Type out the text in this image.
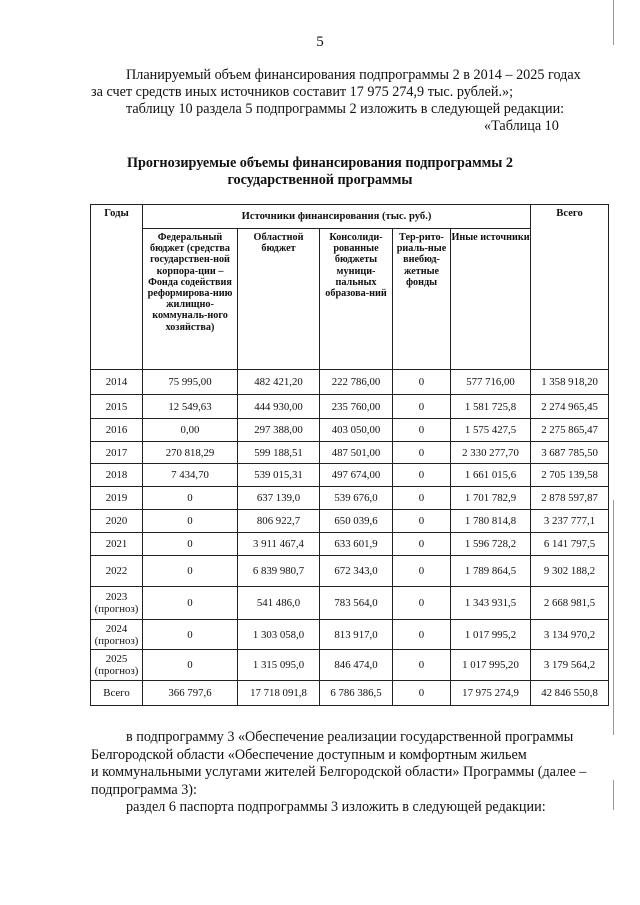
5
Планируемый объем финансирования подпрограммы 2 в 2014 – 2025 годах
за счет средств иных источников составит 17 975 274,9 тыс. рублей.»;
таблицу 10 раздела 5 подпрограммы 2 изложить в следующей редакции:
«Таблица 10
Прогнозируемые объемы финансирования подпрограммы 2
государственной программы
Годы	Источники финансирования (тыс. руб.)					Всего
	Федеральный бюджет (средства государствен-ной корпора-ции – Фонда содействия реформирова-нию жилищно-коммуналь-ного хозяйства)	Областной бюджет	Консолиди-рованные бюджеты муници-пальных образова-ний	Тер-рито-риаль-ные внебюд-жетные фонды	Иные источники	
2014	75 995,00	482 421,20	222 786,00	0	577 716,00	1 358 918,20
2015	12 549,63	444 930,00	235 760,00	0	1 581 725,8	2 274 965,45
2016	0,00	297 388,00	403 050,00	0	1 575 427,5	2 275 865,47
2017	270 818,29	599 188,51	487 501,00	0	2 330 277,70	3 687 785,50
2018	7 434,70	539 015,31	497 674,00	0	1 661 015,6	2 705 139,58
2019	0	637 139,0	539 676,0	0	1 701 782,9	2 878 597,87
2020	0	806 922,7	650 039,6	0	1 780 814,8	3 237 777,1
2021	0	3 911 467,4	633 601,9	0	1 596 728,2	6 141 797,5
2022	0	6 839 980,7	672 343,0	0	1 789 864,5	9 302 188,2
2023
(прогноз)	0	541 486,0	783 564,0	0	1 343 931,5	2 668 981,5
2024
(прогноз)	0	1 303 058,0	813 917,0	0	1 017 995,2	3 134 970,2
2025
(прогноз)	0	1 315 095,0	846 474,0	0	1 017 995,20	3 179 564,2
Всего	366 797,6	17 718 091,8	6 786 386,5	0	17 975 274,9	42 846 550,8
в подпрограмму 3 «Обеспечение реализации государственной программы
Белгородской области «Обеспечение доступным и комфортным жильем
и коммунальными услугами жителей Белгородской области» Программы (далее –
подпрограмма 3):
раздел 6 паспорта подпрограммы 3 изложить в следующей редакции:
